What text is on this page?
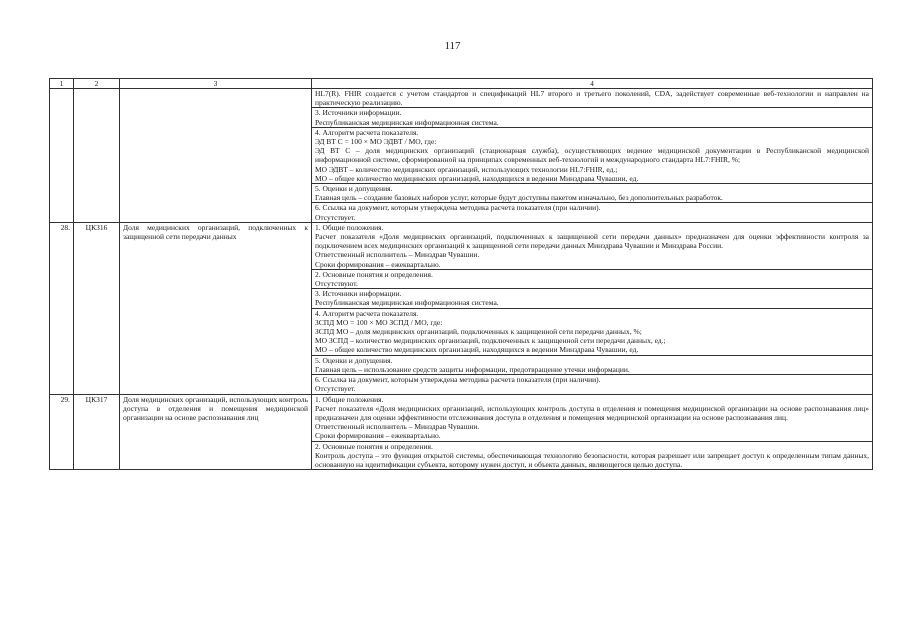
117
1	2	3	4

			HL7(R). FHIR создается с учетом стандартов и спецификаций HL7 второго и третьего поколений, CDA, задействует современные веб-технологии и направлен на практическую реализацию.

			3. Источники информации.
Республиканская медицинская информационная система.

			4. Алгоритм расчета показателя.
ЭД ВТ С = 100 × МО ЭДВТ / МО, где:
ЭД ВТ С – доля медицинских организаций (стационарная служба), осуществляющих ведение медицинской документации в Республиканской медицинской информационной системе, сформированной на принципах современных веб-технологий и международного стандарта HL7:FHIR, %;
МО ЭДВТ – количество медицинских организаций, использующих технологии HL7:FHIR, ед.;
МО – общее количество медицинских организаций, находящихся в ведении Минздрава Чувашии, ед.

			5. Оценки и допущения.
Главная цель – создание базовых наборов услуг, которые будут доступны пакетом изначально, без дополнительных разработок.

			6. Ссылка на документ, которым утверждена методика расчета показателя (при наличии).
Отсутствует.

28.	ЦКЗ16	Доля медицинских организаций, подключенных к защищенной сети передачи данных	1. Общие положения.
Расчет показателя «Доля медицинских организаций, подключенных к защищенной сети передачи данных» предназначен для оценки эффективности контроля за подключением всех медицинских организаций к защищенной сети передачи данных Минздрава Чувашии и Минздрава России.
Ответственный исполнитель – Минздрав Чувашии.
Сроки формирования – ежеквартально.

			2. Основные понятия и определения.
Отсутствуют.

			3. Источники информации.
Республиканская медицинская информационная система.

			4. Алгоритм расчета показателя.
ЗСПД МО = 100 × МО ЗСПД / МО, где:
ЗСПД МО – доля медицинских организаций, подключенных к защищенной сети передачи данных, %;
МО ЗСПД – количество медицинских организаций, подключенных к защищенной сети передачи данных, ед.;
МО – общее количество медицинских организаций, находящихся в ведении Минздрава Чувашии, ед.

			5. Оценки и допущения.
Главная цель – использование средств защиты информации, предотвращение утечки информации.

			6. Ссылка на документ, которым утверждена методика расчета показателя (при наличии).
Отсутствует.

29.	ЦКЗ17	Доля медицинских организаций, использующих контроль доступа в отделения и помещения медицинской организации на основе распознавания лиц	1. Общие положения.
Расчет показателя «Доля медицинских организаций, использующих контроль доступа в отделения и помещения медицинской организации на основе распознавания лиц» предназначен для оценки эффективности отслеживания доступа в отделения и помещения медицинской организации на основе распознавания лиц.
Ответственный исполнитель – Минздрав Чувашии.
Сроки формирования – ежеквартально.

			2. Основные понятия и определения.
Контроль доступа – это функция открытой системы, обеспечивающая технологию безопасности, которая разрешает или запрещает доступ к определенным типам данных, основанную на идентификации субъекта, которому нужен доступ, и объекта данных, являющегося целью доступа.
